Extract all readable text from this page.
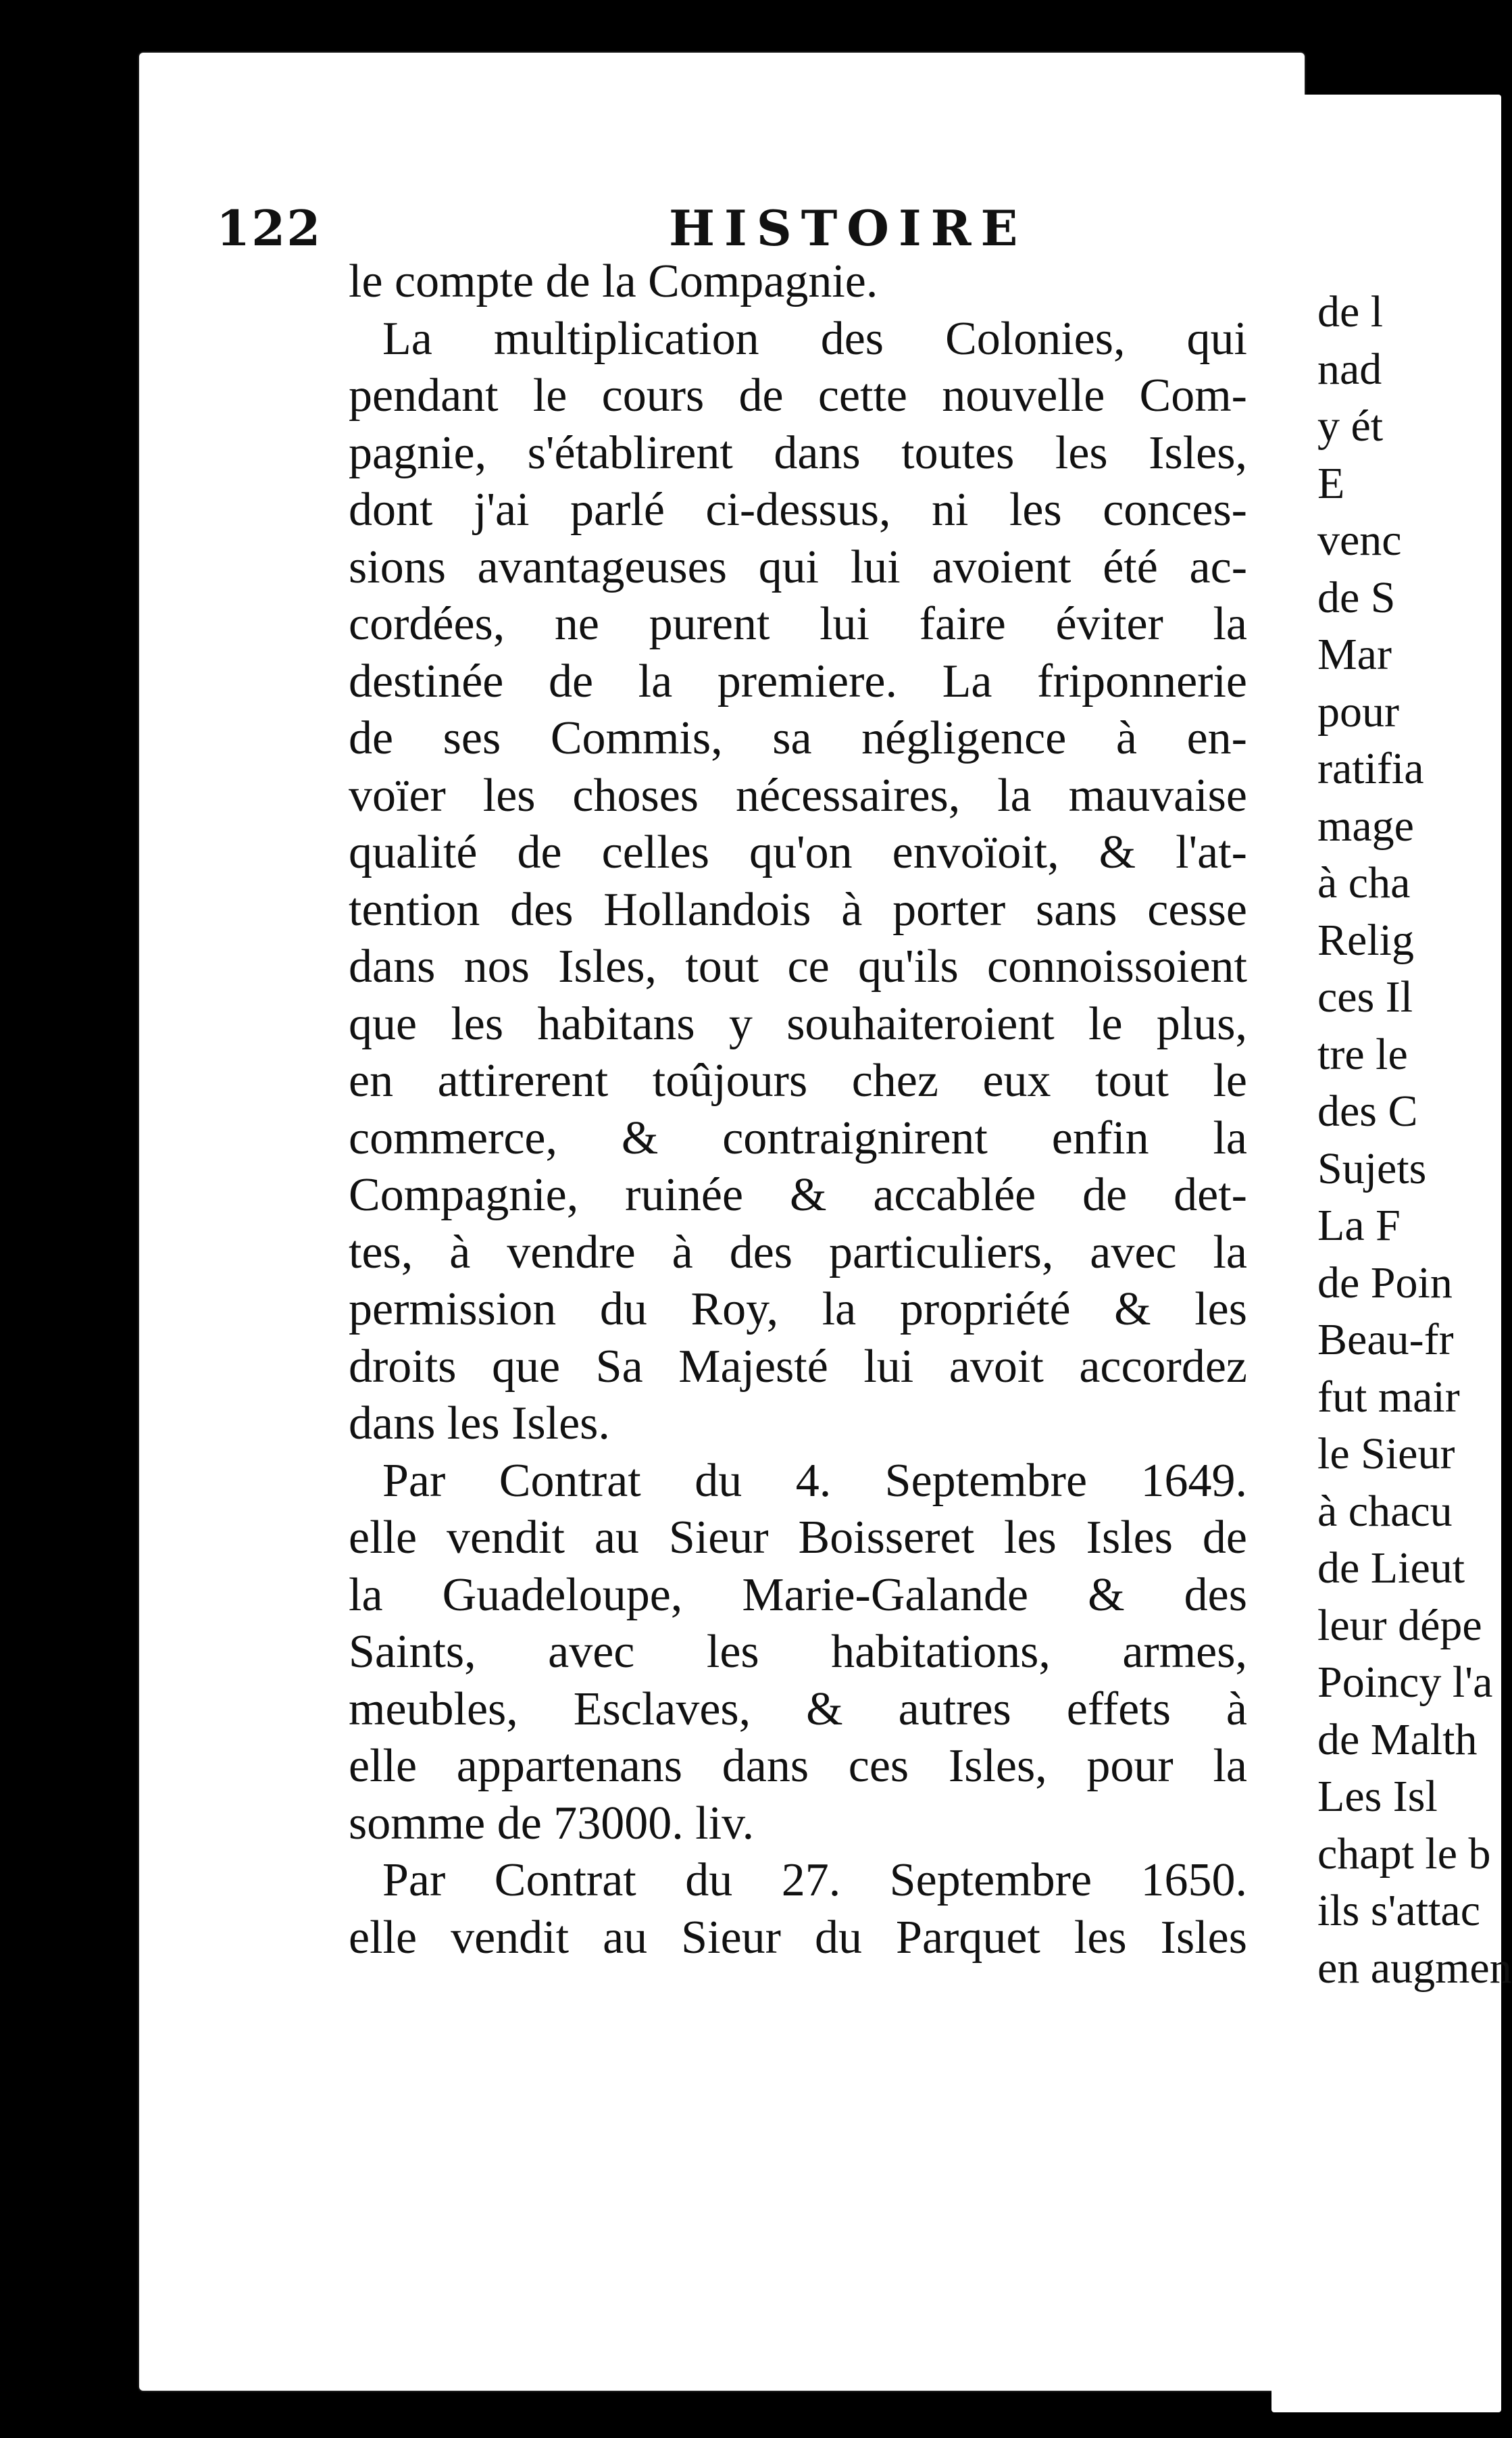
122	HISTOIRE
le compte de la Compagnie.
La multiplication des Colonies, qui
pendant le cours de cette nouvelle Com-
pagnie, s'établirent dans toutes les Isles,
dont j'ai parlé ci-dessus, ni les conces-
sions avantageuses qui lui avoient été ac-
cordées, ne purent lui faire éviter la
destinée de la premiere. La friponnerie
de ses Commis, sa négligence à en-
voïer les choses nécessaires, la mauvaise
qualité de celles qu'on envoïoit, & l'at-
tention des Hollandois à porter sans cesse
dans nos Isles, tout ce qu'ils connoissoient
que les habitans y souhaiteroient le plus,
en attirerent toûjours chez eux tout le
commerce, & contraignirent enfin la
Compagnie, ruinée & accablée de det-
tes, à vendre à des particuliers, avec la
permission du Roy, la propriété & les
droits que Sa Majesté lui avoit accordez
dans les Isles.
Par Contrat du 4. Septembre 1649.
elle vendit au Sieur Boisseret les Isles de
la Guadeloupe, Marie-Galande & des
Saints, avec les habitations, armes,
meubles, Esclaves, & autres effets à
elle appartenans dans ces Isles, pour la
somme de 73000. liv.
Par Contrat du 27. Septembre 1650.
elle vendit au Sieur du Parquet les Isles
de l
nad
y ét
E
venc
de S
Mar
pour
ratifia
mage
à cha
Relig
ces Il
tre le
des C
Sujets
La F
de Poin
Beau-fr
fut mair
le Sieur
à chacu
de Lieut
leur dépe
Poincy l'a
de Malth
Les Isl
chapt le b
ils s'attac
en augmen
